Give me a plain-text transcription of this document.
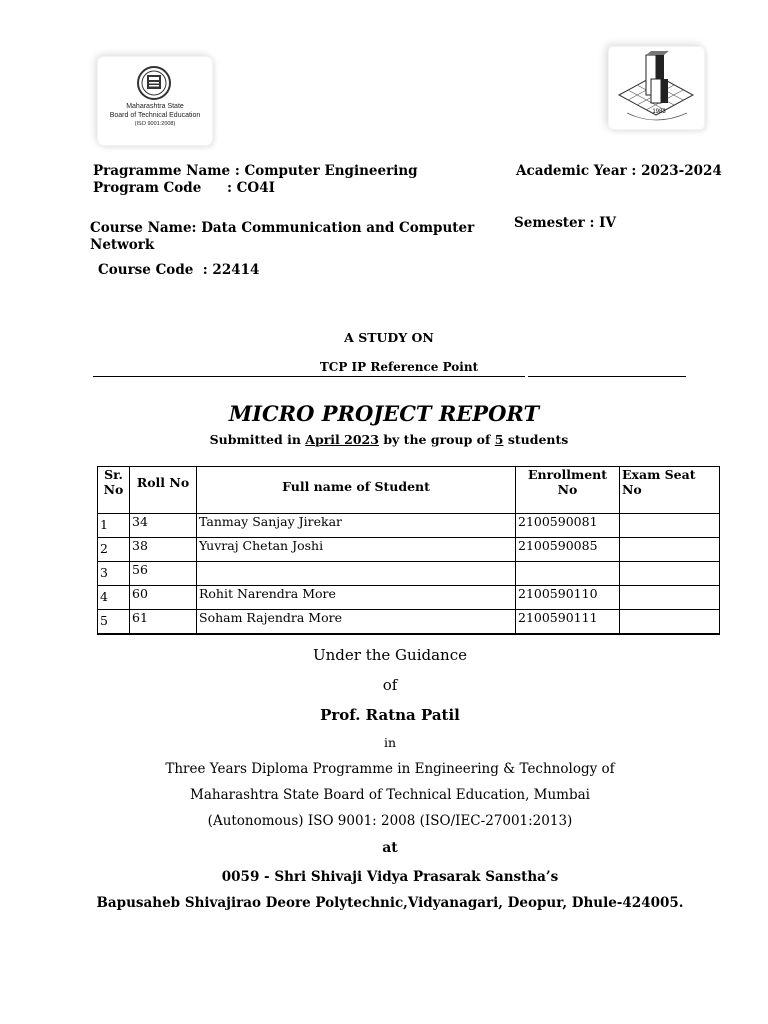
Maharashtra State
Board of Technical Education
(ISO 9001:2008)
1983
Pragramme Name : Computer Engineering
Program Code : CO4I
Academic Year : 2023-2024
Course Name: Data Communication and Computer
Network
Semester : IV
Course Code  : 22414
A STUDY ON
TCP IP Reference Point
MICRO PROJECT REPORT
Submitted in April 2023 by the group of 5 students
Sr. No	Roll No	Full name of Student	Enrollment No	Exam Seat No
1	34	Tanmay Sanjay Jirekar	2100590081	
2	38	Yuvraj Chetan Joshi	2100590085	
3	56			
4	60	Rohit Narendra More	2100590110	
5	61	Soham Rajendra More	2100590111	
Under the Guidance
of
Prof. Ratna Patil
in
Three Years Diploma Programme in Engineering & Technology of
Maharashtra State Board of Technical Education, Mumbai
(Autonomous) ISO 9001: 2008 (ISO/IEC-27001:2013)
at
0059 - Shri Shivaji Vidya Prasarak Sanstha’s
Bapusaheb Shivajirao Deore Polytechnic,Vidyanagari, Deopur, Dhule-424005.
